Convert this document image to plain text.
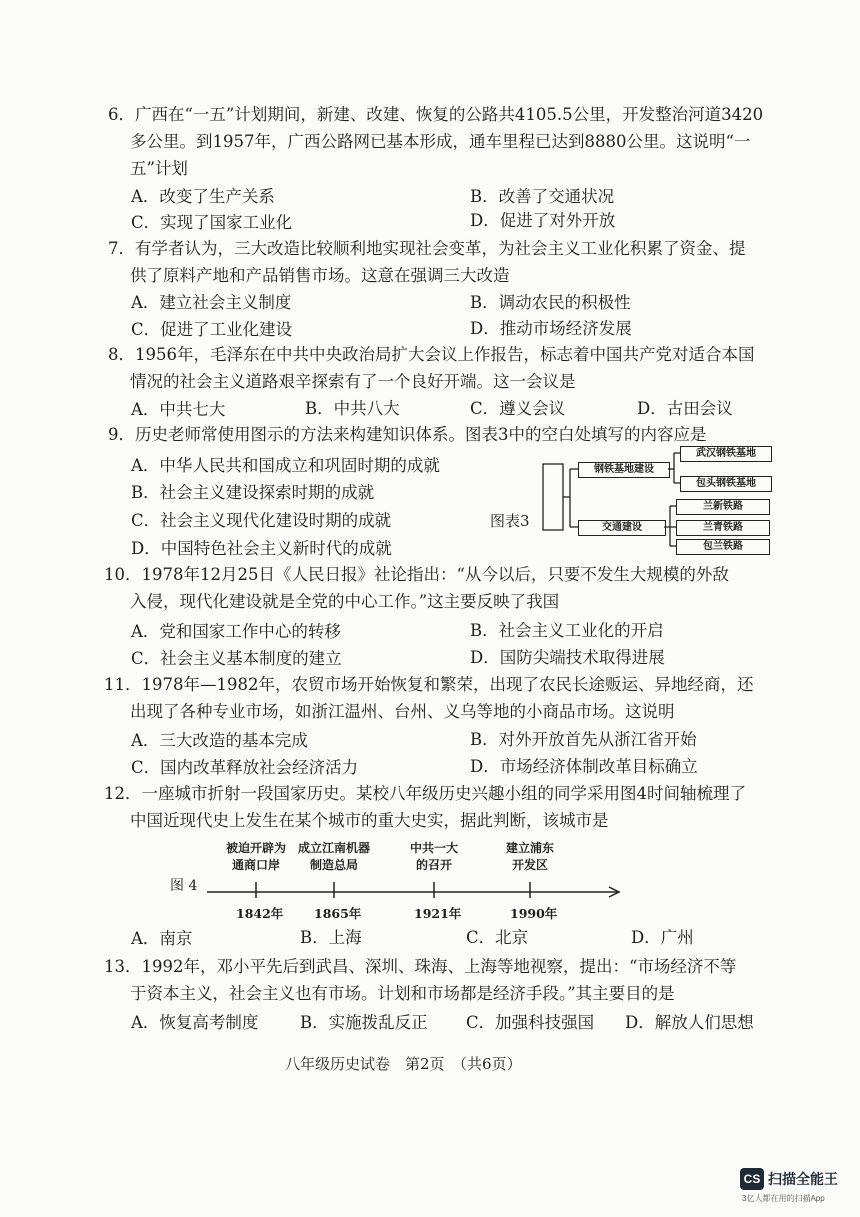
6．广西在“一五”计划期间，新建、改建、恢复的公路共4105.5公里，开发整治河道3420
多公里。到1957年，广西公路网已基本形成，通车里程已达到8880公里。这说明“一
五”计划
A．改变了生产关系	B．改善了交通状况
C．实现了国家工业化	D．促进了对外开放
7．有学者认为，三大改造比较顺利地实现社会变革，为社会主义工业化积累了资金、提
供了原料产地和产品销售市场。这意在强调三大改造
A．建立社会主义制度	B．调动农民的积极性
C．促进了工业化建设	D．推动市场经济发展
8．1956年，毛泽东在中共中央政治局扩大会议上作报告，标志着中国共产党对适合本国
情况的社会主义道路艰辛探索有了一个良好开端。这一会议是
A．中共七大	B．中共八大	C．遵义会议	D．古田会议
9．历史老师常使用图示的方法来构建知识体系。图表3中的空白处填写的内容应是
A．中华人民共和国成立和巩固时期的成就
B．社会主义建设探索时期的成就
C．社会主义现代化建设时期的成就
D．中国特色社会主义新时代的成就
图表3
钢铁基地建设
武汉钢铁基地
包头钢铁基地
交通建设
兰新铁路
兰青铁路
包兰铁路
10．1978年12月25日《人民日报》社论指出：“从今以后，只要不发生大规模的外敌
入侵，现代化建设就是全党的中心工作。”这主要反映了我国
A．党和国家工作中心的转移	B．社会主义工业化的开启
C．社会主义基本制度的建立	D．国防尖端技术取得进展
11．1978年—1982年，农贸市场开始恢复和繁荣，出现了农民长途贩运、异地经商，还
出现了各种专业市场，如浙江温州、台州、义乌等地的小商品市场。这说明
A．三大改造的基本完成	B．对外开放首先从浙江省开始
C．国内改革释放社会经济活力	D．市场经济体制改革目标确立
12．一座城市折射一段国家历史。某校八年级历史兴趣小组的同学采用图4时间轴梳理了
中国近现代史上发生在某个城市的重大史实，据此判断，该城市是
图 4
被迫开辟为
通商口岸
成立江南机器
制造总局
中共一大
的召开
建立浦东
开发区
1842年 1865年	1921年	1990年
A．南京	B．上海	C．北京	D．广州
13．1992年，邓小平先后到武昌、深圳、珠海、上海等地视察，提出：“市场经济不等
于资本主义，社会主义也有市场。计划和市场都是经济手段。”其主要目的是
A．恢复高考制度	B．实施拨乱反正 C．加强科技强国 D．解放人们思想
八年级历史试卷　第2页　（共6页）
CS 扫描全能王
3亿人都在用的扫描App
